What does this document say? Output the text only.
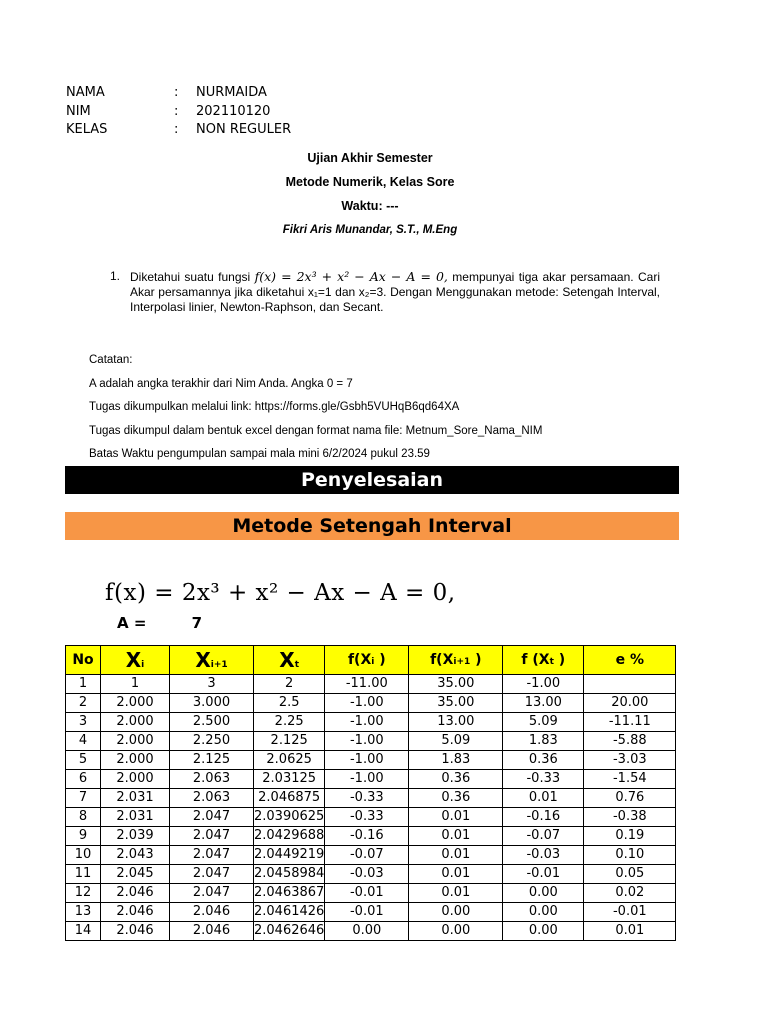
NAMA	:	NURMAIDA
NIM	:	202110120
KELAS	:	NON REGULER
Ujian Akhir Semester
Metode Numerik, Kelas Sore
Waktu: ---
Fikri Aris Munandar, S.T., M.Eng
1. Diketahui suatu fungsi f(x) = 2x³ + x² − Ax − A = 0, mempunyai tiga akar persamaan. Cari Akar persamannya jika diketahui x₁=1 dan x₂=3. Dengan Menggunakan metode: Setengah Interval, Interpolasi linier, Newton-Raphson, dan Secant.
Catatan:
A adalah angka terakhir dari Nim Anda. Angka 0 = 7
Tugas dikumpulkan melalui link: https://forms.gle/Gsbh5VUHqB6qd64XA
Tugas dikumpul dalam bentuk excel dengan format nama file: Metnum_Sore_Nama_NIM
Batas Waktu pengumpulan sampai mala mini 6/2/2024 pukul 23.59
Penyelesaian
Metode Setengah Interval
f(x) = 2x³ + x² − Ax − A = 0,
A =	7
No	Xi	Xi+1	Xt	f(Xi )	f(Xi+1 )	f (Xt )	e %
1	1	3	2	-11.00	35.00	-1.00	
2	2.000	3.000	2.5	-1.00	35.00	13.00	20.00
3	2.000	2.500	2.25	-1.00	13.00	5.09	-11.11
4	2.000	2.250	2.125	-1.00	5.09	1.83	-5.88
5	2.000	2.125	2.0625	-1.00	1.83	0.36	-3.03
6	2.000	2.063	2.03125	-1.00	0.36	-0.33	-1.54
7	2.031	2.063	2.046875	-0.33	0.36	0.01	0.76
8	2.031	2.047	2.0390625	-0.33	0.01	-0.16	-0.38
9	2.039	2.047	2.0429688	-0.16	0.01	-0.07	0.19
10	2.043	2.047	2.0449219	-0.07	0.01	-0.03	0.10
11	2.045	2.047	2.0458984	-0.03	0.01	-0.01	0.05
12	2.046	2.047	2.0463867	-0.01	0.01	0.00	0.02
13	2.046	2.046	2.0461426	-0.01	0.00	0.00	-0.01
14	2.046	2.046	2.0462646	0.00	0.00	0.00	0.01
